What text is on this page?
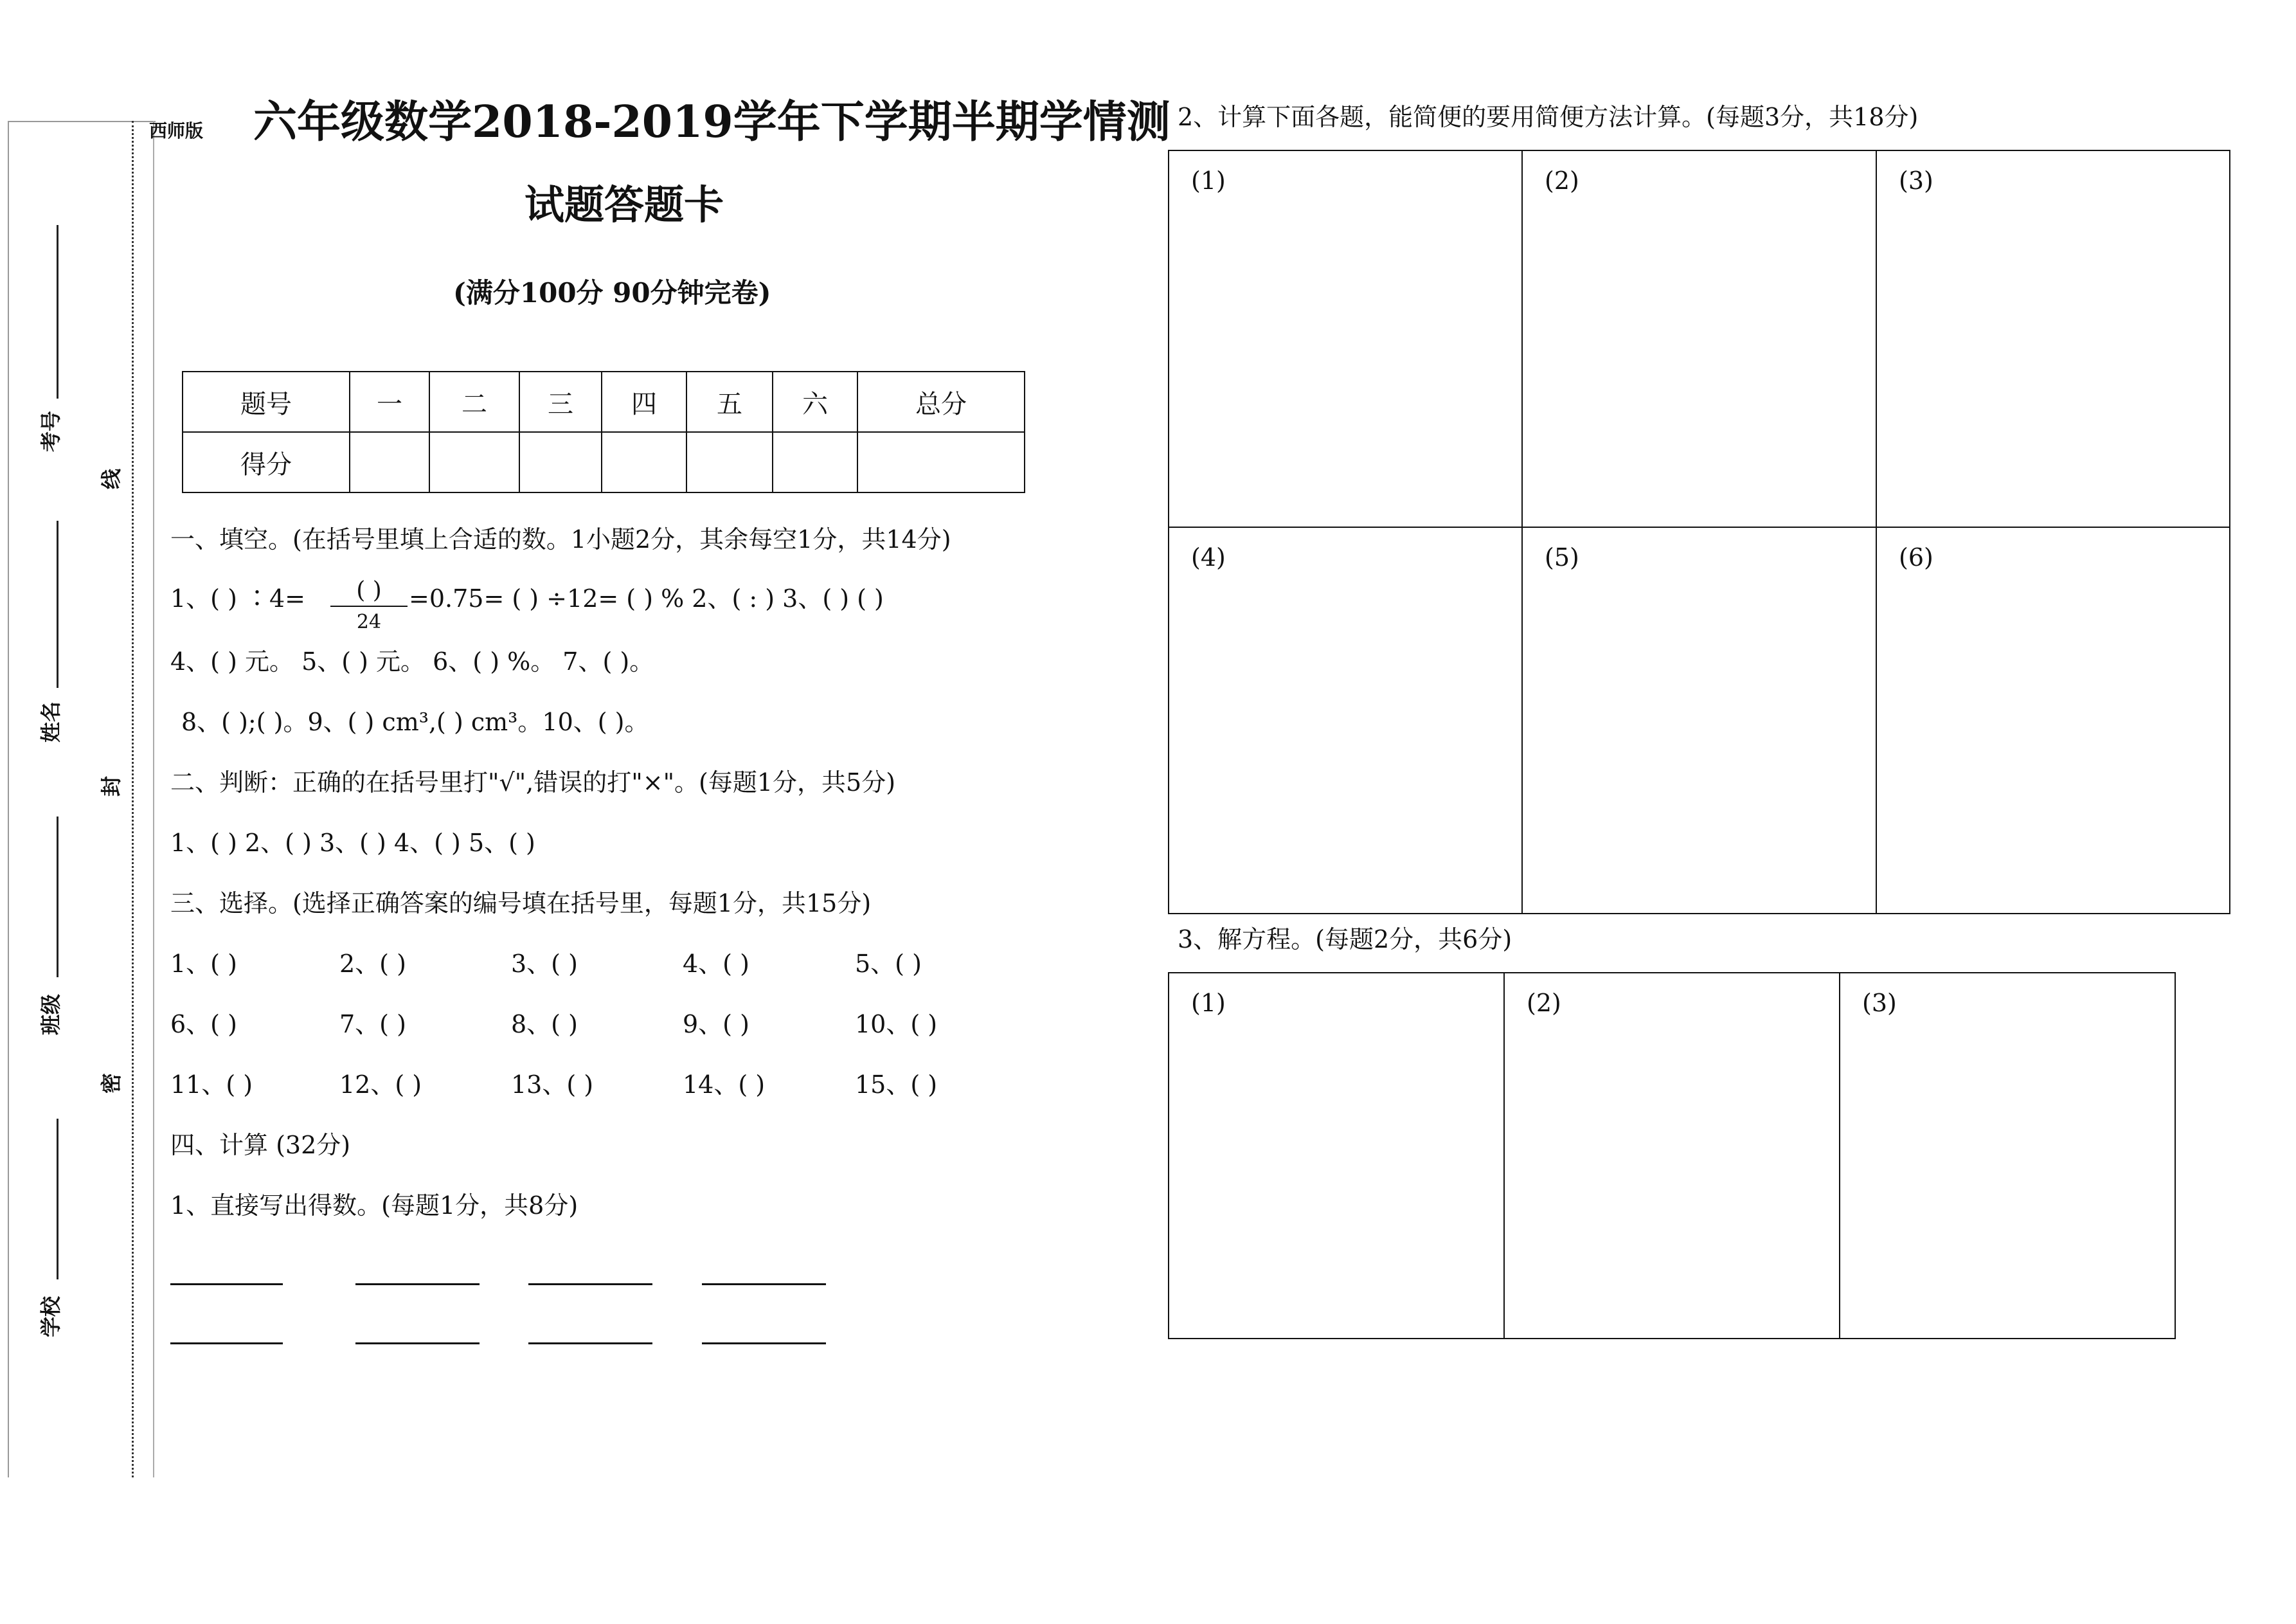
考号
姓名
班级
学校
线
封
密
西师版 六年级数学2018-2019学年下学期半期学情测
试题答题卡
(满分100分 90分钟完卷)
题号	一	二	三	四	五	六	总分
得分							
一、填空。(在括号里填上合适的数。1小题2分，其余每空1分，共14分)
1、( ) ∶4=	( )
24
=0.75= ( ) ÷12= ( ) % 2、( : ) 3、( ) ( )
4、( ) 元。 5、( ) 元。 6、( ) %。 7、( )。
8、( );( )。9、( ) cm³,( ) cm³。10、( )。
二、判断：正确的在括号里打"√",错误的打"×"。(每题1分，共5分)
1、( ) 2、( ) 3、( ) 4、( ) 5、( )
三、选择。(选择正确答案的编号填在括号里，每题1分，共15分)
1、( )	2、( )	3、( )	4、( )	5、( )
6、( )	7、( )	8、( )	9、( )	10、( )
11、( )	12、( )	13、( )	14、( )	15、( )
四、计算 (32分)
1、直接写出得数。(每题1分，共8分)
2、计算下面各题，能简便的要用简便方法计算。(每题3分，共18分)
(1)	(2)	(3)
(4)	(5)	(6)
3、解方程。(每题2分，共6分)
(1)	(2)	(3)
